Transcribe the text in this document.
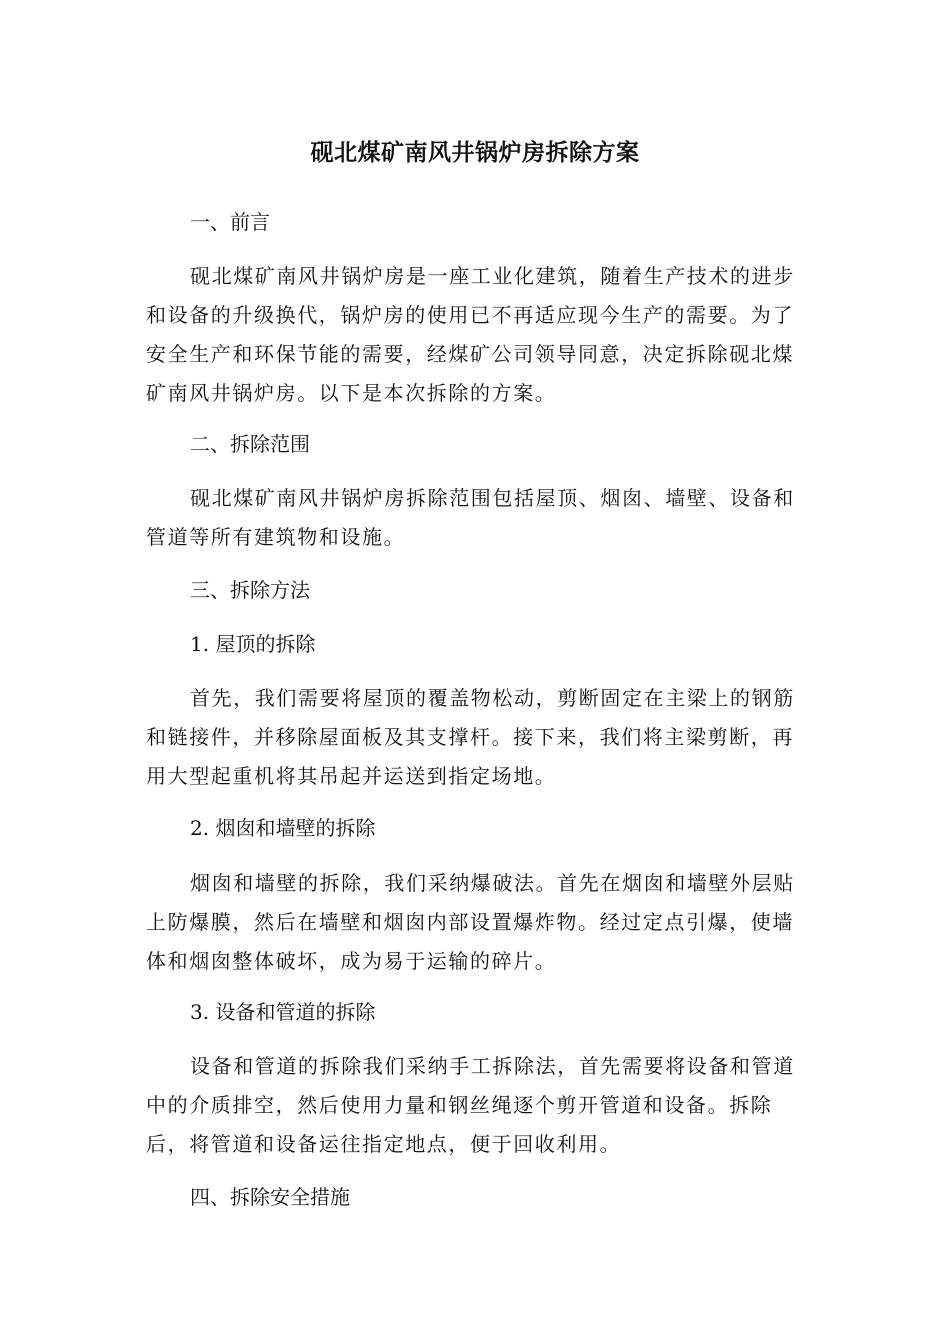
砚北煤矿南风井锅炉房拆除方案
一、前言

砚北煤矿南风井锅炉房是一座工业化建筑，随着生产技术的进步和设备的升级换代，锅炉房的使用已不再适应现今生产的需要。为了安全生产和环保节能的需要，经煤矿公司领导同意，决定拆除砚北煤矿南风井锅炉房。以下是本次拆除的方案。

二、拆除范围

砚北煤矿南风井锅炉房拆除范围包括屋顶、烟囱、墙壁、设备和管道等所有建筑物和设施。

三、拆除方法
1. 屋顶的拆除

首先，我们需要将屋顶的覆盖物松动，剪断固定在主梁上的钢筋和链接件，并移除屋面板及其支撑杆。接下来，我们将主梁剪断，再用大型起重机将其吊起并运送到指定场地。

2. 烟囱和墙壁的拆除

烟囱和墙壁的拆除，我们采纳爆破法。首先在烟囱和墙壁外层贴上防爆膜，然后在墙壁和烟囱内部设置爆炸物。经过定点引爆，使墙体和烟囱整体破坏，成为易于运输的碎片。

3. 设备和管道的拆除

设备和管道的拆除我们采纳手工拆除法，首先需要将设备和管道中的介质排空，然后使用力量和钢丝绳逐个剪开管道和设备。拆除后，将管道和设备运往指定地点，便于回收利用。

四、拆除安全措施
